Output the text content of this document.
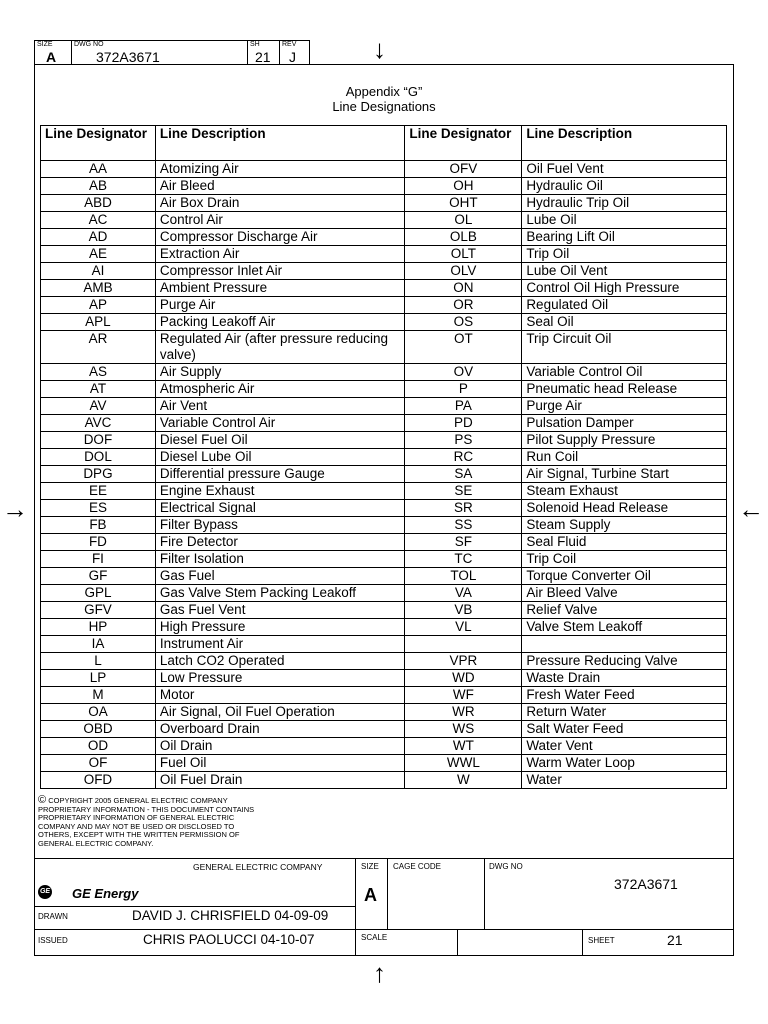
SIZE
A
DWG NO
372A3671
SH
21
REV
J	↓
↑
→	←
Appendix “G”
Line Designations
Line Designator	Line Description	Line Designator	Line Description
AA	Atomizing Air	OFV	Oil Fuel Vent
AB	Air Bleed	OH	Hydraulic Oil
ABD	Air Box Drain	OHT	Hydraulic Trip Oil
AC	Control Air	OL	Lube Oil
AD	Compressor Discharge Air	OLB	Bearing Lift Oil
AE	Extraction Air	OLT	Trip Oil
AI	Compressor Inlet Air	OLV	Lube Oil Vent
AMB	Ambient Pressure	ON	Control Oil High Pressure
AP	Purge Air	OR	Regulated Oil
APL	Packing Leakoff Air	OS	Seal Oil
AR	Regulated Air (after pressure reducing valve)	OT	Trip Circuit Oil
AS	Air Supply	OV	Variable Control Oil
AT	Atmospheric Air	P	Pneumatic head Release
AV	Air Vent	PA	Purge Air
AVC	Variable Control Air	PD	Pulsation Damper
DOF	Diesel Fuel Oil	PS	Pilot Supply Pressure
DOL	Diesel Lube Oil	RC	Run Coil
DPG	Differential pressure Gauge	SA	Air Signal, Turbine Start
EE	Engine Exhaust	SE	Steam Exhaust
ES	Electrical Signal	SR	Solenoid Head Release
FB	Filter Bypass	SS	Steam Supply
FD	Fire Detector	SF	Seal Fluid
FI	Filter Isolation	TC	Trip Coil
GF	Gas Fuel	TOL	Torque Converter Oil
GPL	Gas Valve Stem Packing Leakoff	VA	Air Bleed Valve
GFV	Gas Fuel Vent	VB	Relief Valve
HP	High Pressure	VL	Valve Stem Leakoff
IA	Instrument Air		
L	Latch CO2 Operated	VPR	Pressure Reducing Valve
LP	Low Pressure	WD	Waste Drain
M	Motor	WF	Fresh Water Feed
OA	Air Signal, Oil Fuel Operation	WR	Return Water
OBD	Overboard Drain	WS	Salt Water Feed
OD	Oil Drain	WT	Water Vent
OF	Fuel Oil	WWL	Warm Water Loop
OFD	Oil Fuel Drain	W	Water
© COPYRIGHT 2005 GENERAL ELECTRIC COMPANY
PROPRIETARY INFORMATION - THIS DOCUMENT CONTAINS
PROPRIETARY INFORMATION OF GENERAL ELECTRIC
COMPANY AND MAY NOT BE USED OR DISCLOSED TO
OTHERS, EXCEPT WITH THE WRITTEN PERMISSION OF
GENERAL ELECTRIC COMPANY.
GENERAL ELECTRIC COMPANY
GE GE Energy
SIZE
A
CAGE CODE	DWG NO
372A3671
DRAWN	DAVID J. CHRISFIELD 04-09-09
ISSUED	CHRIS PAOLUCCI 04-10-07	SCALE	SHEET	21
